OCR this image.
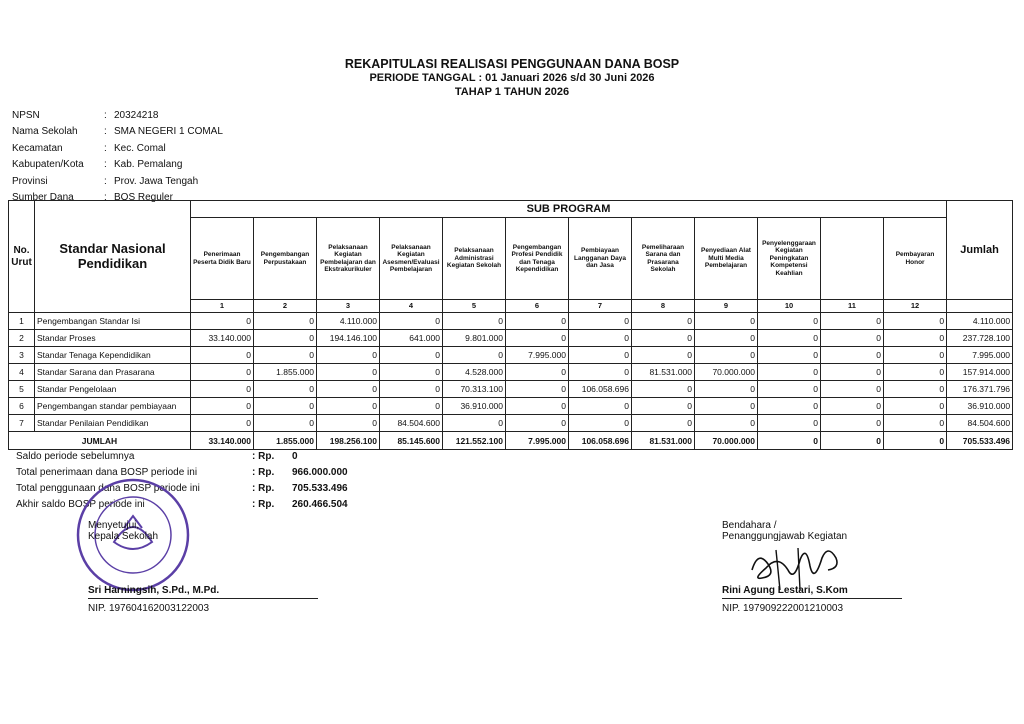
REKAPITULASI REALISASI PENGGUNAAN DANA BOSP
PERIODE TANGGAL : 01 Januari 2026 s/d 30 Juni 2026
TAHAP 1 TAHUN 2026
NPSN	: 20324218
Nama Sekolah	: SMA NEGERI 1 COMAL
Kecamatan	: Kec. Comal
Kabupaten/Kota	: Kab. Pemalang
Provinsi	: Prov. Jawa Tengah
Sumber Dana	: BOS Reguler
No. Urut	Standar Nasional Pendidikan	SUB PROGRAM												Jumlah
		Penerimaan Peserta Didik Baru	Pengembangan Perpustakaan	Pelaksanaan Kegiatan Pembelajaran dan Ekstrakurikuler	Pelaksanaan Kegiatan Asesmen/Evaluasi Pembelajaran	Pelaksanaan Administrasi Kegiatan Sekolah	Pengembangan Profesi Pendidik dan Tenaga Kependidikan	Pembiayaan Langganan Daya dan Jasa	Pemeliharaan Sarana dan Prasarana Sekolah	Penyediaan Alat Multi Media Pembelajaran	Penyelenggaraan Kegiatan Peningkatan Kompetensi Keahlian		Pembayaran Honor	
		1	2	3	4	5	6	7	8	9	10	11	12	
1	Pengembangan Standar Isi	0	0	4.110.000	0	0	0	0	0	0	0	0	0	4.110.000
2	Standar Proses	33.140.000	0	194.146.100	641.000	9.801.000	0	0	0	0	0	0	0	237.728.100
3	Standar Tenaga Kependidikan	0	0	0	0	0	7.995.000	0	0	0	0	0	0	7.995.000
4	Standar Sarana dan Prasarana	0	1.855.000	0	0	4.528.000	0	0	81.531.000	70.000.000	0	0	0	157.914.000
5	Standar Pengelolaan	0	0	0	0	70.313.100	0	106.058.696	0	0	0	0	0	176.371.796
6	Pengembangan standar pembiayaan	0	0	0	0	36.910.000	0	0	0	0	0	0	0	36.910.000
7	Standar Penilaian Pendidikan	0	0	0	84.504.600	0	0	0	0	0	0	0	0	84.504.600
JUMLAH		33.140.000	1.855.000	198.256.100	85.145.600	121.552.100	7.995.000	106.058.696	81.531.000	70.000.000	0	0	0	705.533.496
Saldo periode sebelumnya	: Rp.	0
Total penerimaan dana BOSP periode ini	: Rp.	966.000.000
Total penggunaan dana BOSP periode ini	: Rp.	705.533.496
Akhir saldo BOSP periode ini	: Rp.	260.466.504
Menyetujui,
Kepala Sekolah
Sri Harningsih, S.Pd., M.Pd.
NIP. 197604162003122003
Bendahara /
Penanggungjawab Kegiatan
Rini Agung Lestari, S.Kom
NIP. 197909222001210003
